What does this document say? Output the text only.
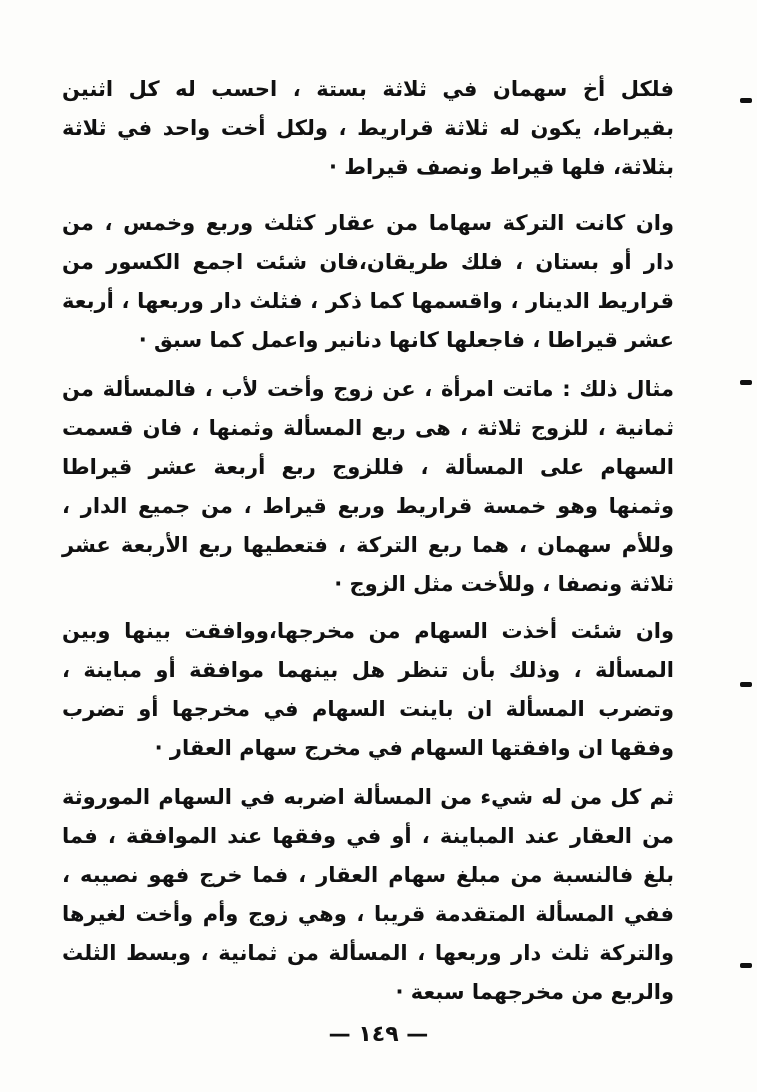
فلكل أخ سهمان في ثلاثة بستة ، احسب له كل اثنين بقيراط، يكون له ثلاثة قراريط ، ولكل أخت واحد في ثلاثة بثلاثة، فلها قيراط ونصف قيراط ·

وان كانت التركة سهاما من عقار كثلث وربع وخمس ، من دار أو بستان ، فلك طريقان،فان شئت اجمع الكسور من قراريط الدينار ، واقسمها كما ذكر ، فثلث دار وربعها ، أربعة عشر قيراطا ، فاجعلها كانها دنانير واعمل كما سبق ·

مثال ذلك : ماتت امرأة ، عن زوج وأخت لأب ، فالمسألة من ثمانية ، للزوج ثلاثة ، هى ربع المسألة وثمنها ، فان قسمت السهام على المسألة ، فللزوج ربع أربعة عشر قيراطا وثمنها وهو خمسة قراريط وربع قيراط ، من جميع الدار ، وللأم سهمان ، هما ربع التركة ، فتعطيها ربع الأربعة عشر ثلاثة ونصفا ، وللأخت مثل الزوج ·

وان شئت أخذت السهام من مخرجها،ووافقت بينها وبين المسألة ، وذلك بأن تنظر هل بينهما موافقة أو مباينة ، وتضرب المسألة ان باينت السهام في مخرجها أو تضرب وفقها ان وافقتها السهام في مخرج سهام العقار ·

ثم كل من له شيء من المسألة اضربه في السهام الموروثة من العقار عند المباينة ، أو في وفقها عند الموافقة ، فما بلغ فالنسبة من مبلغ سهام العقار ، فما خرج فهو نصيبه ، ففي المسألة المتقدمة قريبا ، وهي زوج وأم وأخت لغيرها والتركة ثلث دار وربعها ، المسألة من ثمانية ، وبسط الثلث والربع من مخرجهما سبعة ·

— ١٤٩ —
